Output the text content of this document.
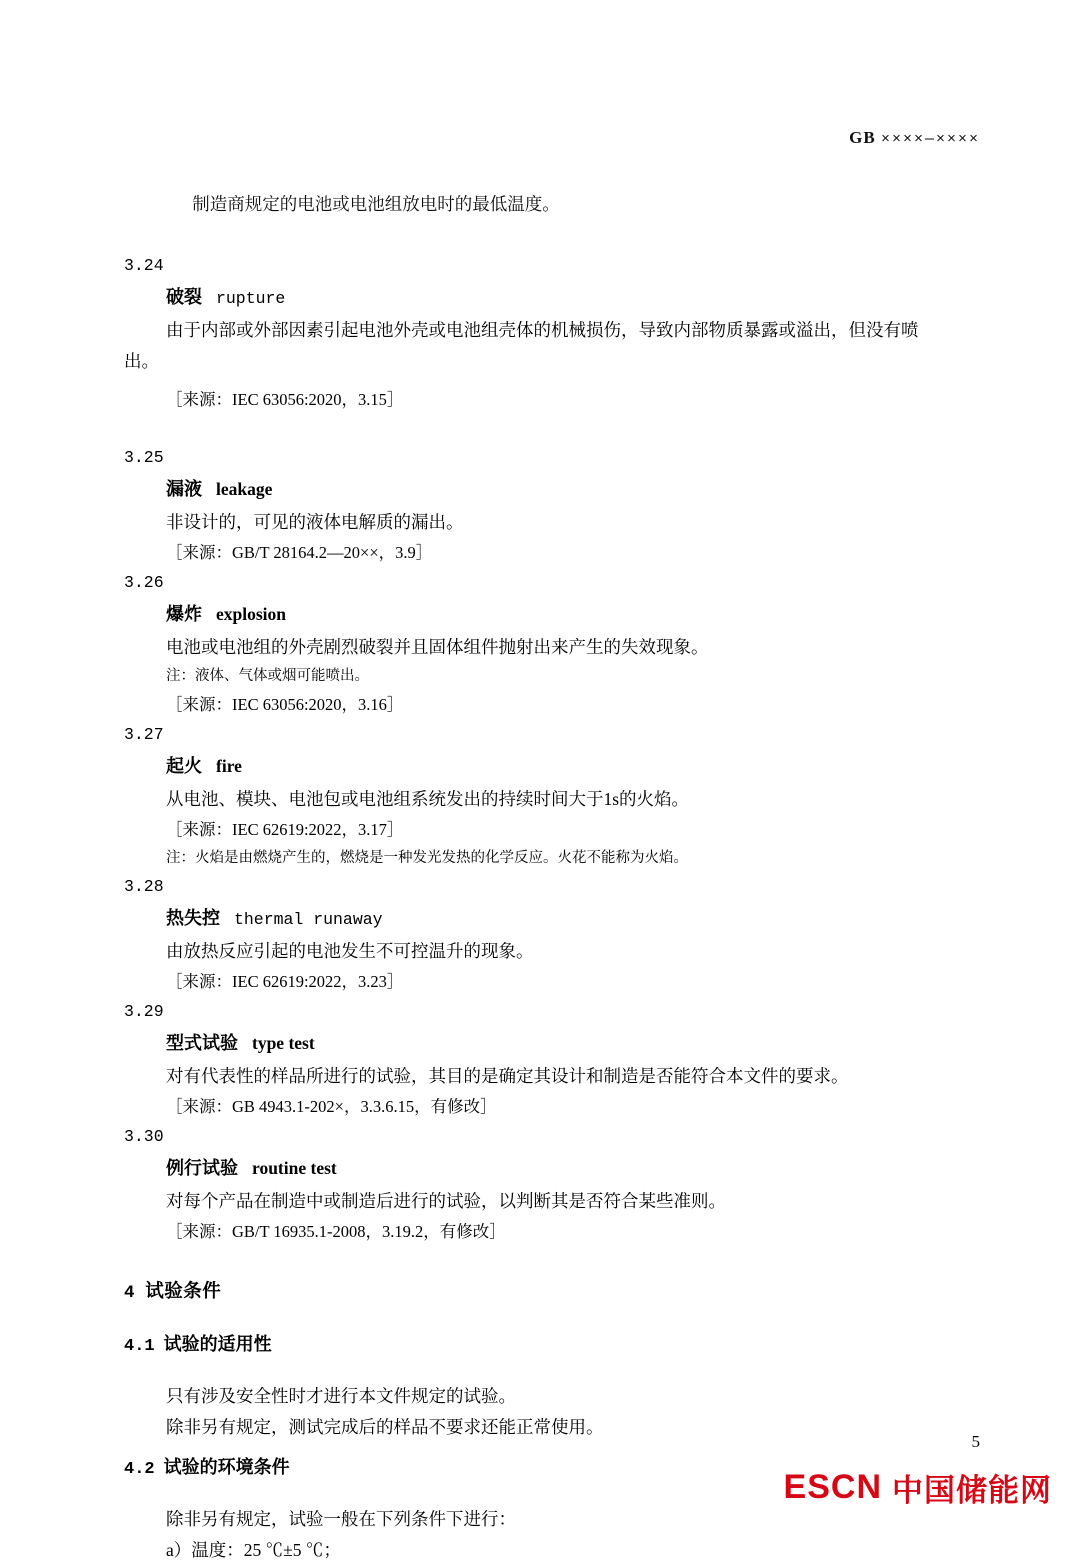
GB ××××—××××

制造商规定的电池或电池组放电时的最低温度。

3.24
破裂 rupture
由于内部或外部因素引起电池外壳或电池组壳体的机械损伤，导致内部物质暴露或溢出，但没有喷
出。
［来源：IEC 63056:2020，3.15］
3.25
漏液 leakage
非设计的，可见的液体电解质的漏出。
［来源：GB/T 28164.2—20××，3.9］
3.26
爆炸 explosion
电池或电池组的外壳剧烈破裂并且固体组件抛射出来产生的失效现象。
注：液体、气体或烟可能喷出。
［来源：IEC 63056:2020，3.16］
3.27
起火 fire
从电池、模块、电池包或电池组系统发出的持续时间大于1s的火焰。
［来源：IEC 62619:2022，3.17］
注：火焰是由燃烧产生的，燃烧是一种发光发热的化学反应。火花不能称为火焰。
3.28
热失控 thermal runaway
由放热反应引起的电池发生不可控温升的现象。
［来源：IEC 62619:2022，3.23］
3.29
型式试验 type test
对有代表性的样品所进行的试验，其目的是确定其设计和制造是否能符合本文件的要求。
［来源：GB 4943.1-202×，3.3.6.15，有修改］
3.30
例行试验 routine test
对每个产品在制造中或制造后进行的试验，以判断其是否符合某些准则。
［来源：GB/T 16935.1-2008，3.19.2，有修改］
4 试验条件
4.1 试验的适用性
只有涉及安全性时才进行本文件规定的试验。
除非另有规定，测试完成后的样品不要求还能正常使用。
4.2 试验的环境条件
除非另有规定，试验一般在下列条件下进行：
a）温度：25 ℃±5 ℃；
5
ESCN 中国储能网
